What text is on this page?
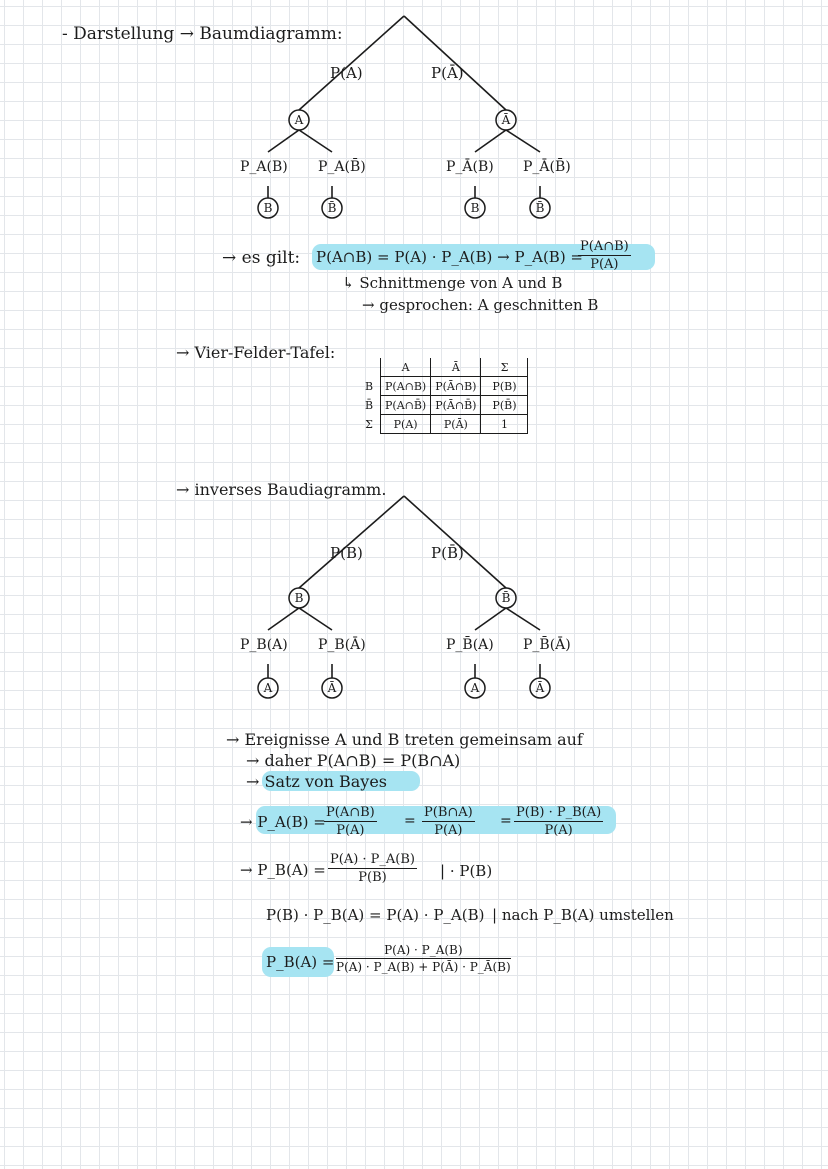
- Darstellung → Baumdiagramm:
P(A)	P(Ā)
A	Ā
P_A(B) P_A(B̄)	P_Ā(B) P_Ā(B̄)
B	B̄	B	B̄
→ es gilt: P(A∩B) = P(A) · P_A(B) → P_A(B) =
$\frac{P(A\cap B)}{P(A)}$
↳ Schnittmenge von A und B
→ gesprochen: A geschnitten B
→ Vier-Felder-Tafel:
	A	Ā	Σ
B	P(A∩B)	P(Ā∩B)	P(B)
B̄	P(A∩B̄)	P(Ā∩B̄)	P(B̄)
Σ	P(A)	P(Ā)	1
→ inverses Baudiagramm.
P(B)	P(B̄)
B	B̄
P_B(A) P_B(Ā)	P_B̄(A) P_B̄(Ā)
A	Ā	A	Ā
→ Ereignisse A und B treten gemeinsam auf
→ daher P(A∩B) = P(B∩A)
→ Satz von Bayes
→ P_A(B) =
$\frac{P(A\cap B)}{P(A)} = \frac{P(B\cap A)}{P(A)} = \frac{P(B) \cdot P\_B(A)}{P(A)}$
→ P_B(A) = $\frac{P(A) \cdot P\_A(B)}{P(B)}$ | · P(B)
P(B) · P_B(A) = P(A) · P_A(B) | nach P_B(A) umstellen
P_B(A) = $\frac{P(A) \cdot P\_A(B)}{P(A) \cdot P\_A(B) + P(Ā) \cdot P\_Ā(B)}$
